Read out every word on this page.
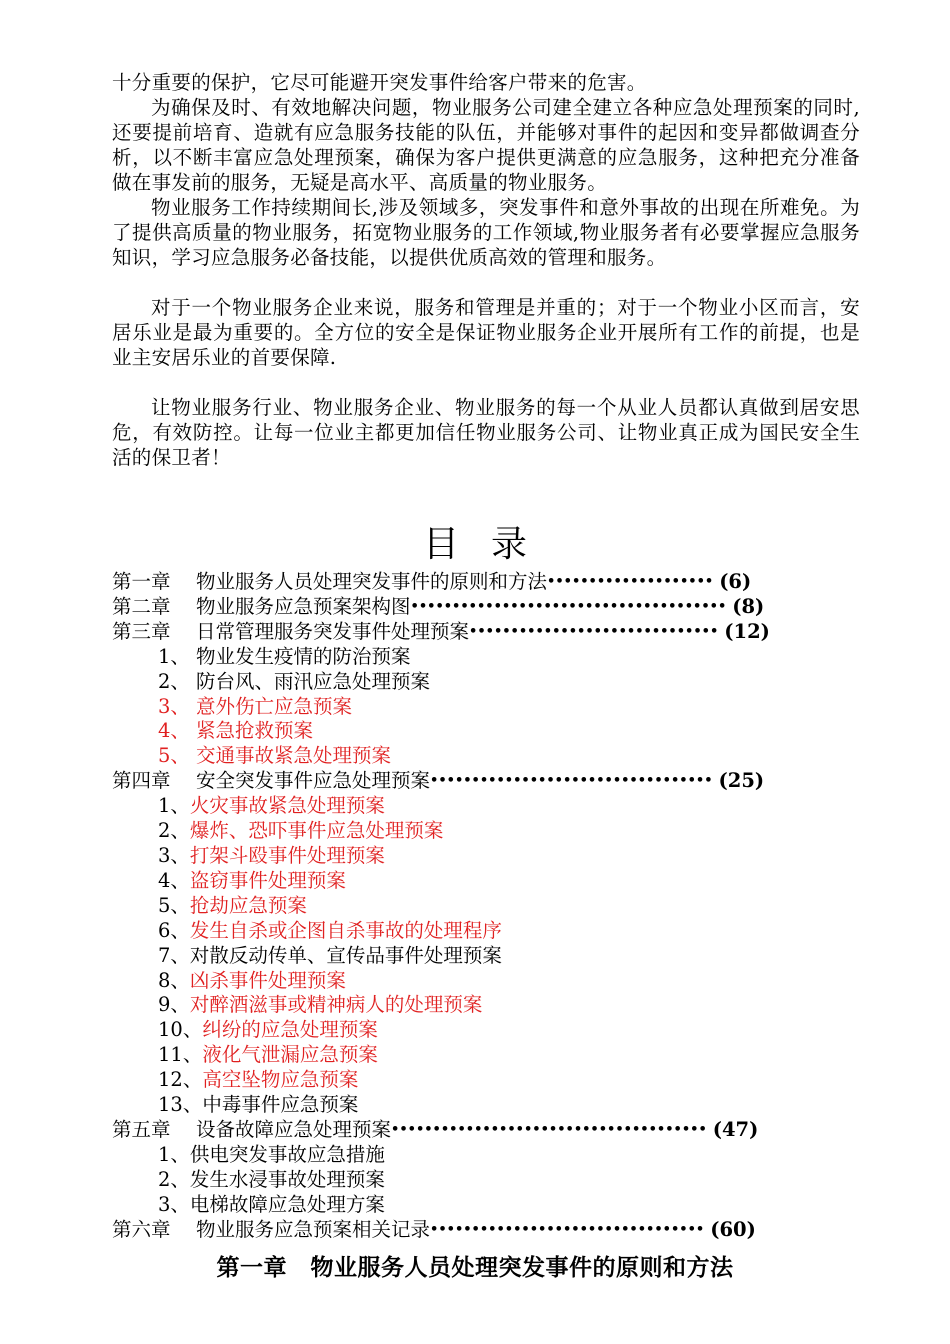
十分重要的保护，它尽可能避开突发事件给客户带来的危害。

为确保及时、有效地解决问题，物业服务公司建全建立各种应急处理预案的同时,还要提前培育、造就有应急服务技能的队伍，并能够对事件的起因和变异都做调查分析，以不断丰富应急处理预案，确保为客户提供更满意的应急服务，这种把充分准备做在事发前的服务，无疑是高水平、高质量的物业服务。

物业服务工作持续期间长,涉及领域多，突发事件和意外事故的出现在所难免。为了提供高质量的物业服务，拓宽物业服务的工作领域,物业服务者有必要掌握应急服务知识，学习应急服务必备技能，以提供优质高效的管理和服务。

对于一个物业服务企业来说，服务和管理是并重的；对于一个物业小区而言，安居乐业是最为重要的。全方位的安全是保证物业服务企业开展所有工作的前提，也是业主安居乐业的首要保障.

让物业服务行业、物业服务企业、物业服务的每一个从业人员都认真做到居安思危，有效防控。让每一位业主都更加信任物业服务公司、让物业真正成为国民安全生活的保卫者！

目录
第一章	物业服务人员处理突发事件的原则和方法 •••••••••••••••••••• (6)
第二章	物业服务应急预案架构图 •••••••••••••••••••••••••••••••••••••• (8)
第三章	日常管理服务突发事件处理预案 •••••••••••••••••••••••••••••• (12)
1、 物业发生疫情的防治预案
2、 防台风、雨汛应急处理预案
3、 意外伤亡应急预案
4、 紧急抢救预案
5、 交通事故紧急处理预案
第四章	安全突发事件应急处理预案 •••••••••••••••••••••••••••••••••• (25)
1、 火灾事故紧急处理预案
2、 爆炸、恐吓事件应急处理预案
3、 打架斗殴事件处理预案
4、 盗窃事件处理预案
5、 抢劫应急预案
6、 发生自杀或企图自杀事故的处理程序
7、 对散反动传单、宣传品事件处理预案
8、 凶杀事件处理预案
9、 对醉酒滋事或精神病人的处理预案
10、 纠纷的应急处理预案
11、 液化气泄漏应急预案
12、 高空坠物应急预案
13、 中毒事件应急预案
第五章	设备故障应急处理预案 •••••••••••••••••••••••••••••••••••••• (47)
1、 供电突发事故应急措施
2、 发生水浸事故处理预案
3、 电梯故障应急处理方案
第六章	物业服务应急预案相关记录 ••••••••••••••••••••••••••••••••• (60)
第一章　物业服务人员处理突发事件的原则和方法
